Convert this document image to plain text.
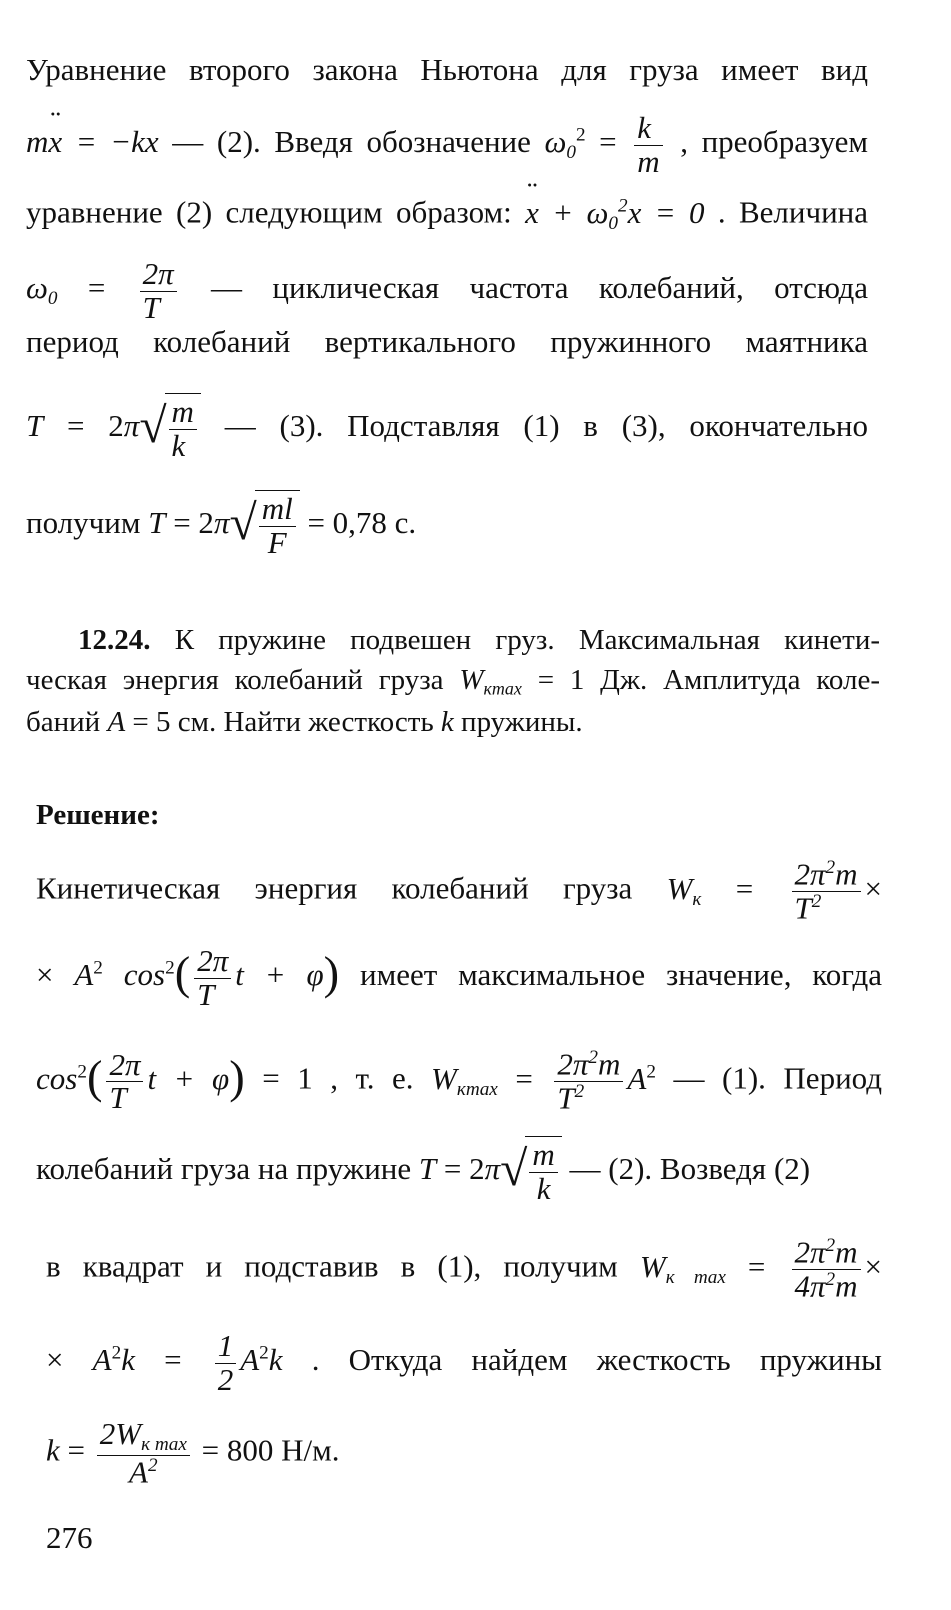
Уравнение второго закона Ньютона для груза имеет вид
m¨ x = −kx — (2). Введя обозначение $\omega_0^2 = \frac{k}{m}$ , преобразуем
уравнение (2) следующим образом: ¨ $x + \omega_0^2x = 0$ . Величина
$\omega_0 = \frac{2\pi}{T}$ — циклическая частота колебаний, отсюда
период колебаний вертикального пружинного маятника
$T = 2\pi√ \frac{m}{k}$ — (3). Подставляя (1) в (3), окончательно
получим $T = 2\pi√ \frac{ml}{F} = 0,78$ с.
12.24. К пружине подвешен груз. Максимальная кинети-
ческая энергия колебаний груза $W_{кmax} = 1$ Дж. Амплитуда коле-
баний A = 5 см. Найти жесткость k пружины.
Решение:
Кинетическая энергия колебаний груза $W_к = \frac{2\pi^2m}{T^2}$ ×
× $A^2$ $\cos^2( \frac{2\pi}{T}$ t + φ) имеет максимальное значение, когда
$\cos^2( \frac{2\pi}{T}$ t + φ) = 1 , т. е. $W_{кmax} = \frac{2\pi^2m}{T^2} A^2$ — (1). Период
колебаний груза на пружине $T = 2\pi√ \frac{m}{k}$ — (2). Возведя (2)
в квадрат и подставив в (1), получим $W_{к max} = \frac{2\pi^2m}{4\pi^2m}$ ×
× $A^2k = \frac{1}{2} A^2k$ . Откуда найдем жесткость пружины
$k = \frac{2W_{к max}}{A^2} = 800$ Н/м.
276
